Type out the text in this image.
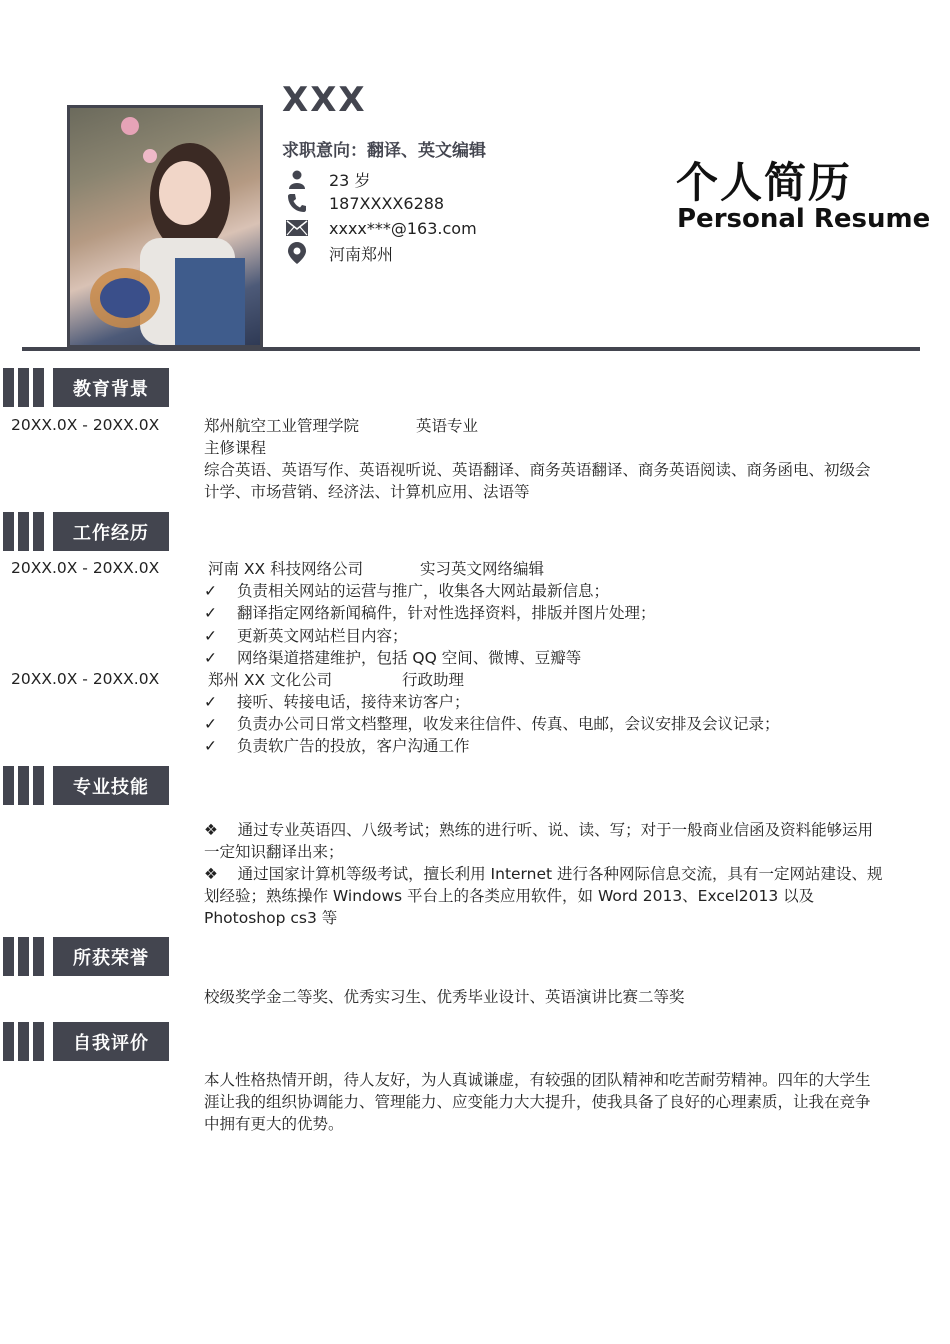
XXX
求职意向：翻译、英文编辑
23 岁
187XXXX6288
xxxx***@163.com
河南郑州
个人简历
Personal Resume
教育背景
20XX.0X - 20XX.0X	郑州航空工业管理学院	英语专业
主修课程
综合英语、英语写作、英语视听说、英语翻译、商务英语翻译、商务英语阅读、商务函电、初级会计学、市场营销、经济法、计算机应用、法语等
工作经历
20XX.0X - 20XX.0X	河南 XX 科技网络公司	实习英文网络编辑
✓	负责相关网站的运营与推广，收集各大网站最新信息；
✓	翻译指定网络新闻稿件，针对性选择资料，排版并图片处理；
✓	更新英文网站栏目内容；
✓	网络渠道搭建维护，包括 QQ 空间、微博、豆瓣等
20XX.0X - 20XX.0X	郑州 XX 文化公司	行政助理
✓	接听、转接电话，接待来访客户；
✓	负责办公司日常文档整理，收发来往信件、传真、电邮，会议安排及会议记录；
✓	负责软广告的投放，客户沟通工作
专业技能
❖ 通过专业英语四、八级考试；熟练的进行听、说、读、写；对于一般商业信函及资料能够运用一定知识翻译出来；
❖ 通过国家计算机等级考试，擅长利用 Internet 进行各种网际信息交流，具有一定网站建设、规划经验；熟练操作 Windows 平台上的各类应用软件，如 Word 2013、Excel2013 以及 Photoshop cs3 等
所获荣誉
校级奖学金二等奖、优秀实习生、优秀毕业设计、英语演讲比赛二等奖
自我评价
本人性格热情开朗，待人友好，为人真诚谦虚，有较强的团队精神和吃苦耐劳精神。四年的大学生涯让我的组织协调能力、管理能力、应变能力大大提升，使我具备了良好的心理素质，让我在竞争中拥有更大的优势。
